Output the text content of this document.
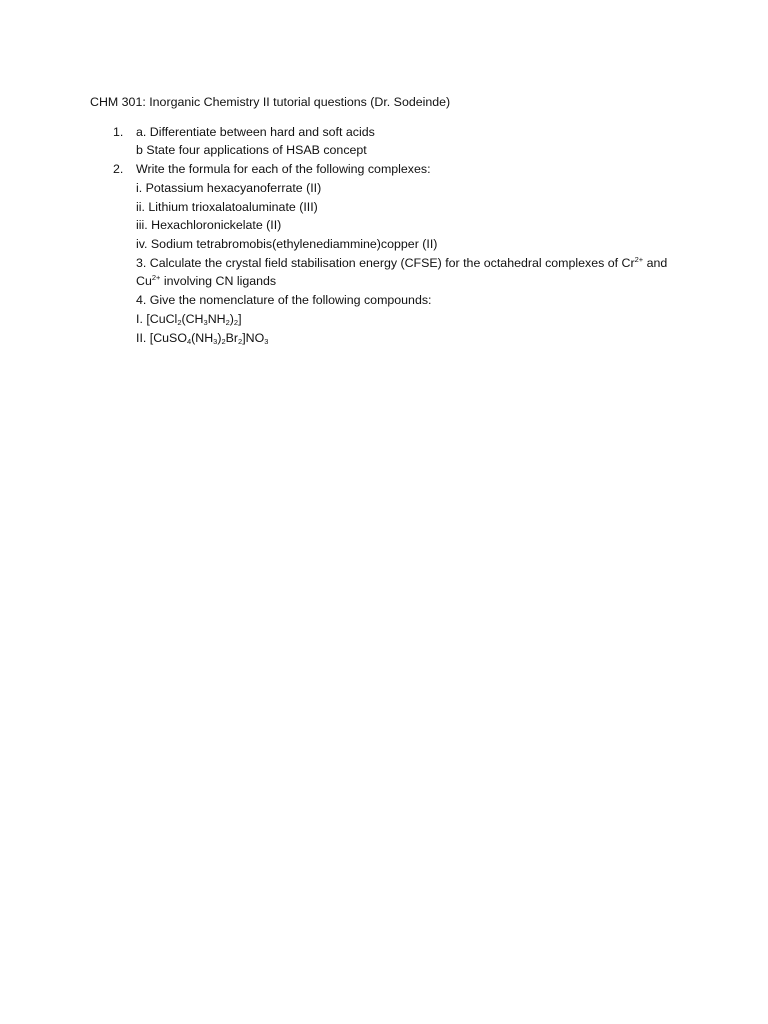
CHM 301: Inorganic Chemistry II tutorial questions (Dr. Sodeinde)
1. a. Differentiate between hard and soft acids
b State four applications of HSAB concept
2. Write the formula for each of the following complexes:
i. Potassium hexacyanoferrate (II)
ii. Lithium trioxalatoaluminate (III)
iii. Hexachloronickelate (II)
iv. Sodium tetrabromobis(ethylenediammine)copper (II)
3. Calculate the crystal field stabilisation energy (CFSE) for the octahedral complexes of $Cr^{2+}$ and
$Cu^{2+}$ involving CN ligands
4. Give the nomenclature of the following compounds:
I. $[CuCl_2(CH_3NH_2)_2]$
II. $[CuSO_4(NH_3)_2Br_2]NO_3$
